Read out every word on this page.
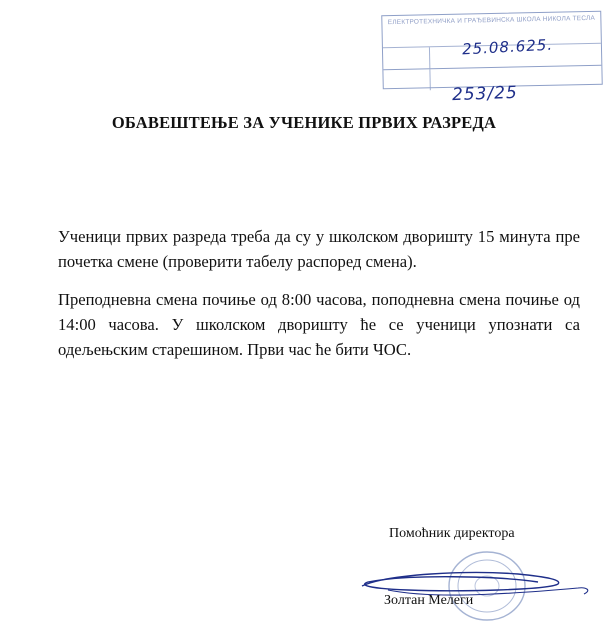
ЕЛЕКТРОТЕХНИЧКА И ГРАЂЕВИНСКА ШКОЛА НИКОЛА ТЕСЛА
25.08.625.
253/25
ОБАВЕШТЕЊЕ ЗА УЧЕНИКЕ ПРВИХ РАЗРЕДА
Ученици првих разреда треба да су у школском дворишту 15 минута пре почетка смене (проверити табелу распоред смена).
Преподневна смена почиње од 8:00 часова, поподневна смена почиње од 14:00 часова. У школском дворишту ће се ученици упознати са одељењским старешином. Први час ће бити ЧОС.
Помоћник директора
Золтан Мелеги
